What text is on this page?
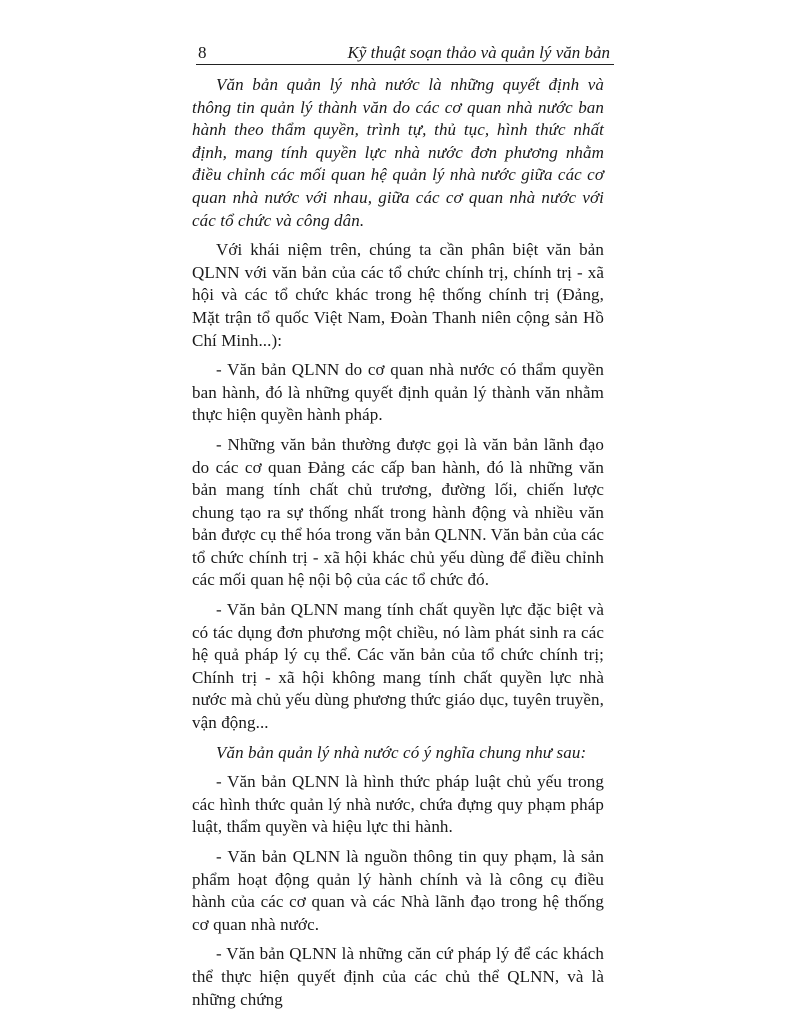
8	Kỹ thuật soạn thảo và quản lý văn bản

Văn bản quản lý nhà nước là những quyết định và thông tin quản lý thành văn do các cơ quan nhà nước ban hành theo thẩm quyền, trình tự, thủ tục, hình thức nhất định, mang tính quyền lực nhà nước đơn phương nhằm điều chỉnh các mối quan hệ quản lý nhà nước giữa các cơ quan nhà nước với nhau, giữa các cơ quan nhà nước với các tổ chức và công dân.

Với khái niệm trên, chúng ta cần phân biệt văn bản QLNN với văn bản của các tổ chức chính trị, chính trị - xã hội và các tổ chức khác trong hệ thống chính trị (Đảng, Mặt trận tổ quốc Việt Nam, Đoàn Thanh niên cộng sản Hồ Chí Minh...):

- Văn bản QLNN do cơ quan nhà nước có thẩm quyền ban hành, đó là những quyết định quản lý thành văn nhằm thực hiện quyền hành pháp.

- Những văn bản thường được gọi là văn bản lãnh đạo do các cơ quan Đảng các cấp ban hành, đó là những văn bản mang tính chất chủ trương, đường lối, chiến lược chung tạo ra sự thống nhất trong hành động và nhiều văn bản được cụ thể hóa trong văn bản QLNN. Văn bản của các tổ chức chính trị - xã hội khác chủ yếu dùng để điều chỉnh các mối quan hệ nội bộ của các tổ chức đó.

- Văn bản QLNN mang tính chất quyền lực đặc biệt và có tác dụng đơn phương một chiều, nó làm phát sinh ra các hệ quả pháp lý cụ thể. Các văn bản của tổ chức chính trị; Chính trị - xã hội không mang tính chất quyền lực nhà nước mà chủ yếu dùng phương thức giáo dục, tuyên truyền, vận động...

Văn bản quản lý nhà nước có ý nghĩa chung như sau:

- Văn bản QLNN là hình thức pháp luật chủ yếu trong các hình thức quản lý nhà nước, chứa đựng quy phạm pháp luật, thẩm quyền và hiệu lực thi hành.

- Văn bản QLNN là nguồn thông tin quy phạm, là sản phẩm hoạt động quản lý hành chính và là công cụ điều hành của các cơ quan và các Nhà lãnh đạo trong hệ thống cơ quan nhà nước.

- Văn bản QLNN là những căn cứ pháp lý để các khách thể thực hiện quyết định của các chủ thể QLNN, và là những chứng
